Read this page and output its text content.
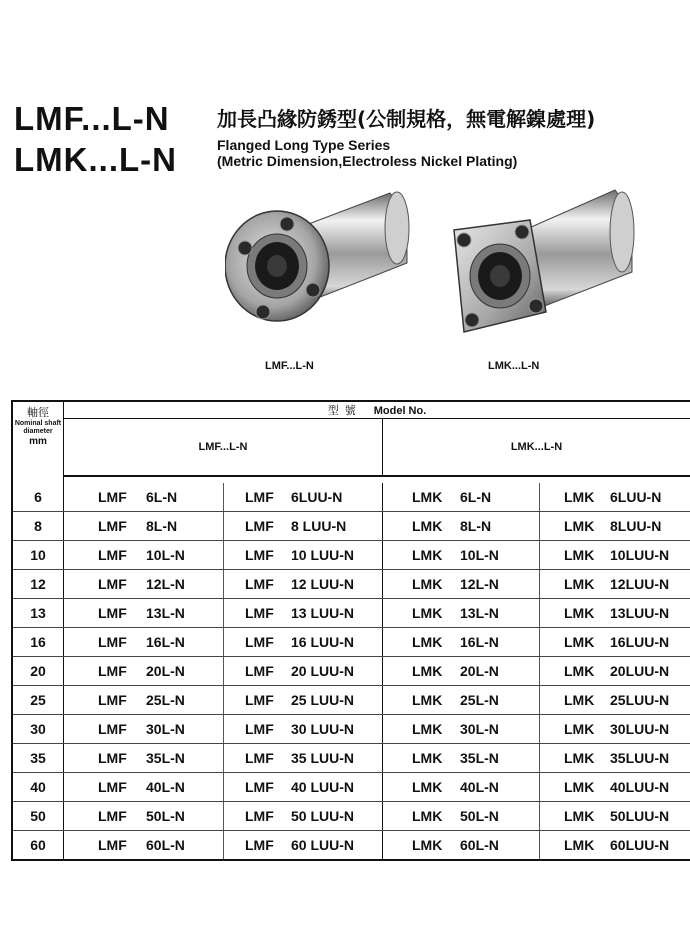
LMF...L-N
LMK...L-N
加長凸緣防銹型(公制規格，無電解鎳處理)
Flanged Long Type Series
(Metric Dimension,Electroless Nickel Plating)
LMF...L-N	LMK...L-N
軸徑
Nominal shaft diameter
mm	型號 Model No.			
	LMF...L-N		LMK...L-N	

6	LMF 6L-N	LMF 6LUU-N	LMK 6L-N	LMK 6LUU-N
8	LMF 8L-N	LMF 8 LUU-N	LMK 8L-N	LMK 8LUU-N
10	LMF 10L-N	LMF 10 LUU-N	LMK 10L-N	LMK 10LUU-N
12	LMF 12L-N	LMF 12 LUU-N	LMK 12L-N	LMK 12LUU-N
13	LMF 13L-N	LMF 13 LUU-N	LMK 13L-N	LMK 13LUU-N
16	LMF 16L-N	LMF 16 LUU-N	LMK 16L-N	LMK 16LUU-N
20	LMF 20L-N	LMF 20 LUU-N	LMK 20L-N	LMK 20LUU-N
25	LMF 25L-N	LMF 25 LUU-N	LMK 25L-N	LMK 25LUU-N
30	LMF 30L-N	LMF 30 LUU-N	LMK 30L-N	LMK 30LUU-N
35	LMF 35L-N	LMF 35 LUU-N	LMK 35L-N	LMK 35LUU-N
40	LMF 40L-N	LMF 40 LUU-N	LMK 40L-N	LMK 40LUU-N
50	LMF 50L-N	LMF 50 LUU-N	LMK 50L-N	LMK 50LUU-N
60	LMF 60L-N	LMF 60 LUU-N	LMK 60L-N	LMK 60LUU-N
